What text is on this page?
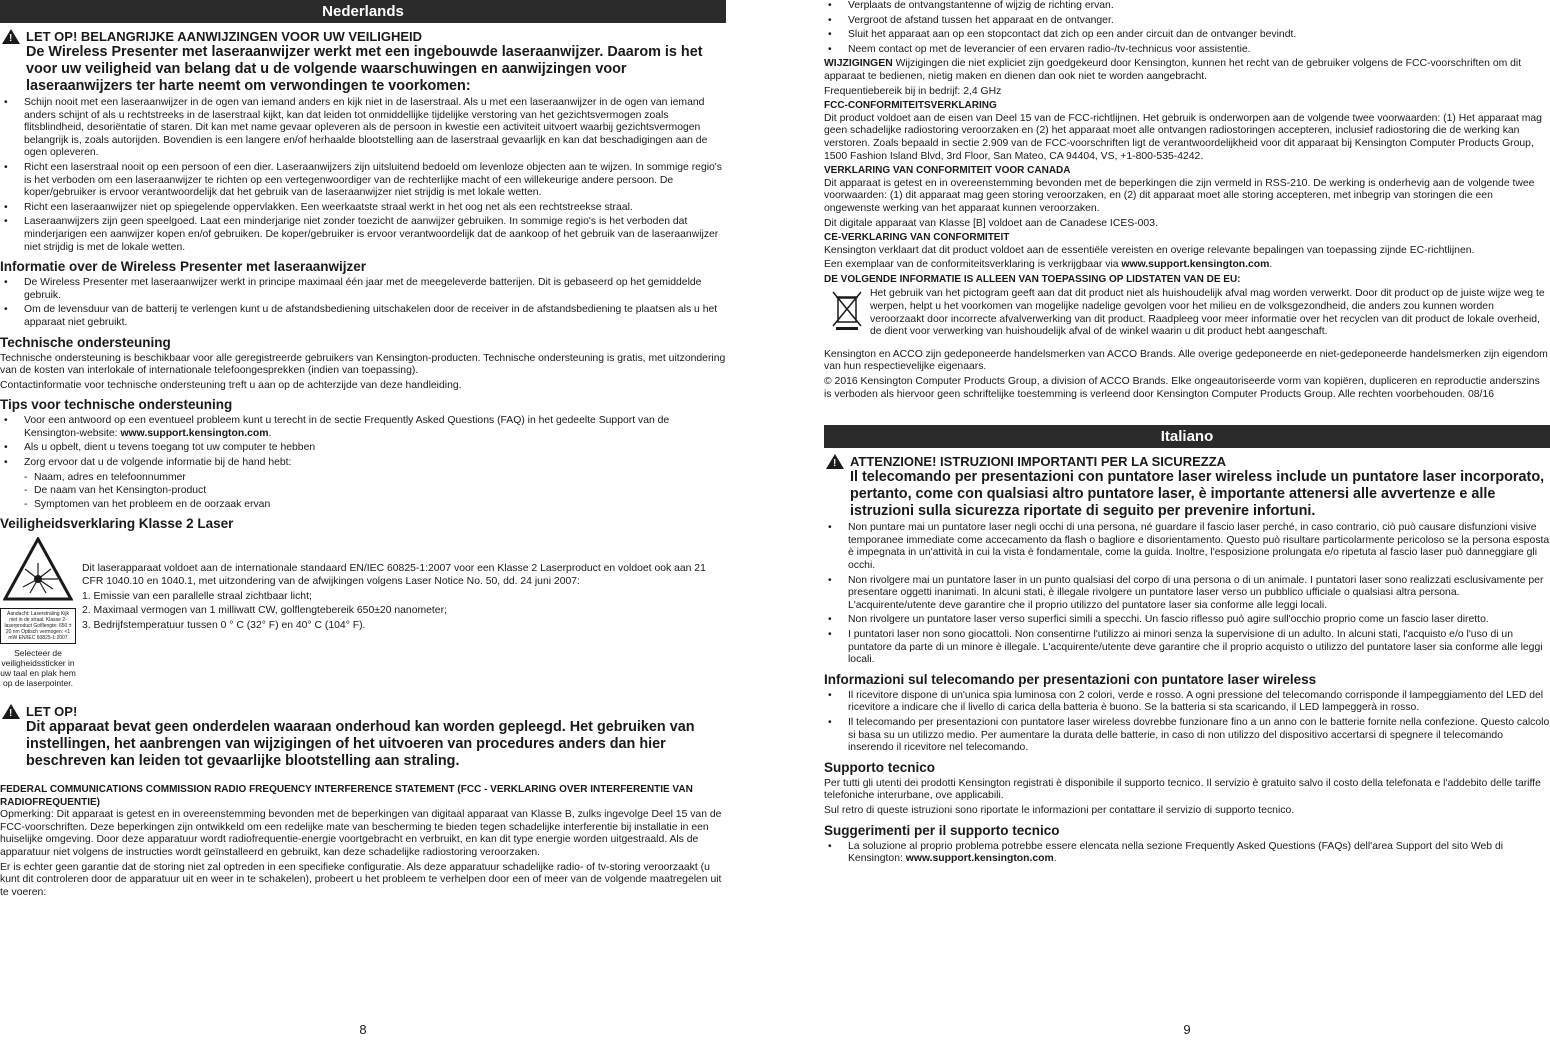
Nederlands
!
LET OP! BELANGRIJKE AANWIJZINGEN VOOR UW VEILIGHEID
De Wireless Presenter met laseraanwijzer werkt met een ingebouwde laseraanwijzer. Daarom is het voor uw veiligheid van belang dat u de volgende waarschuwingen en aanwijzingen voor laseraanwijzers ter harte neemt om verwondingen te voorkomen:
• Schijn nooit met een laseraanwijzer in de ogen van iemand anders en kijk niet in de laserstraal. Als u met een laseraanwijzer in de ogen van iemand anders schijnt of als u rechtstreeks in de laserstraal kijkt, kan dat leiden tot onmiddellijke tijdelijke verstoring van het gezichtsvermogen zoals flitsblindheid, desoriëntatie of staren. Dit kan met name gevaar opleveren als de persoon in kwestie een activiteit uitvoert waarbij gezichtsvermogen belangrijk is, zoals autorijden. Bovendien is een langere en/of herhaalde blootstelling aan de laserstraal gevaarlijk en kan dat beschadigingen aan de ogen opleveren.
• Richt een laserstraal nooit op een persoon of een dier. Laseraanwijzers zijn uitsluitend bedoeld om levenloze objecten aan te wijzen. In sommige regio's is het verboden om een laseraanwijzer te richten op een vertegenwoordiger van de rechterlijke macht of een willekeurige andere persoon. De koper/gebruiker is ervoor verantwoordelijk dat het gebruik van de laseraanwijzer niet strijdig is met lokale wetten.
• Richt een laseraanwijzer niet op spiegelende oppervlakken. Een weerkaatste straal werkt in het oog net als een rechtstreekse straal.
• Laseraanwijzers zijn geen speelgoed. Laat een minderjarige niet zonder toezicht de aanwijzer gebruiken. In sommige regio's is het verboden dat minderjarigen een aanwijzer kopen en/of gebruiken. De koper/gebruiker is ervoor verantwoordelijk dat de aankoop of het gebruik van de laseraanwijzer niet strijdig is met de lokale wetten.
Informatie over de Wireless Presenter met laseraanwijzer
• De Wireless Presenter met laseraanwijzer werkt in principe maximaal één jaar met de meegeleverde batterijen. Dit is gebaseerd op het gemiddelde gebruik.
• Om de levensduur van de batterij te verlengen kunt u de afstandsbediening uitschakelen door de receiver in de afstandsbediening te plaatsen als u het apparaat niet gebruikt.
Technische ondersteuning

Technische ondersteuning is beschikbaar voor alle geregistreerde gebruikers van Kensington-producten. Technische ondersteuning is gratis, met uitzondering van de kosten van interlokale of internationale telefoongesprekken (indien van toepassing).

Contactinformatie voor technische ondersteuning treft u aan op de achterzijde van deze handleiding.

Tips voor technische ondersteuning
• Voor een antwoord op een eventueel probleem kunt u terecht in de sectie Frequently Asked Questions (FAQ) in het gedeelte Support van de Kensington-website: www.support.kensington.com.
• Als u opbelt, dient u tevens toegang tot uw computer te hebben
• Zorg ervoor dat u de volgende informatie bij de hand hebt:
- Naam, adres en telefoonnummer
- De naam van het Kensington-product
- Symptomen van het probleem en de oorzaak ervan
Veiligheidsverklaring Klasse 2 Laser
Aandacht: Laserstraling Kijk niet in de straal. Klasse 2-laserproduct Golflengte: 650 ± 20 nm Optisch vermogen: <1 mW EN/IEC 60825-1:2007
Selecteer de veiligheidssticker in uw taal en plak hem op de laserpointer.

Dit laserapparaat voldoet aan de internationale standaard EN/IEC 60825-1:2007 voor een Klasse 2 Laserproduct en voldoet ook aan 21 CFR 1040.10 en 1040.1, met uitzondering van de afwijkingen volgens Laser Notice No. 50, dd. 24 juni 2007:

1. Emissie van een parallelle straal zichtbaar licht;

2. Maximaal vermogen van 1 milliwatt CW, golflengtebereik 650±20 nanometer;

3. Bedrijfstemperatuur tussen 0 ° C (32° F) en 40° C (104° F).

!
LET OP!
Dit apparaat bevat geen onderdelen waaraan onderhoud kan worden gepleegd. Het gebruiken van instellingen, het aanbrengen van wijzigingen of het uitvoeren van procedures anders dan hier beschreven kan leiden tot gevaarlijke blootstelling aan straling.
FEDERAL COMMUNICATIONS COMMISSION RADIO FREQUENCY INTERFERENCE STATEMENT (FCC - VERKLARING OVER INTERFERENTIE VAN RADIOFREQUENTIE)

Opmerking: Dit apparaat is getest en in overeenstemming bevonden met de beperkingen van digitaal apparaat van Klasse B, zulks ingevolge Deel 15 van de FCC-voorschriften. Deze beperkingen zijn ontwikkeld om een redelijke mate van bescherming te bieden tegen schadelijke interferentie bij installatie in een huiselijke omgeving. Door deze apparatuur wordt radiofrequentie-energie voortgebracht en verbruikt, en kan dit type energie worden uitgestraald. Als de apparatuur niet volgens de instructies wordt geïnstalleerd en gebruikt, kan deze schadelijke radiostoring veroorzaken.

Er is echter geen garantie dat de storing niet zal optreden in een specifieke configuratie. Als deze apparatuur schadelijke radio- of tv-storing veroorzaakt (u kunt dit controleren door de apparatuur uit en weer in te schakelen), probeert u het probleem te verhelpen door een of meer van de volgende maatregelen uit te voeren:

8
• Verplaats de ontvangstantenne of wijzig de richting ervan.
• Vergroot de afstand tussen het apparaat en de ontvanger.
• Sluit het apparaat aan op een stopcontact dat zich op een ander circuit dan de ontvanger bevindt.
• Neem contact op met de leverancier of een ervaren radio-/tv-technicus voor assistentie.

WIJZIGINGEN Wijzigingen die niet expliciet zijn goedgekeurd door Kensington, kunnen het recht van de gebruiker volgens de FCC-voorschriften om dit apparaat te bedienen, nietig maken en dienen dan ook niet te worden aangebracht.

Frequentiebereik bij in bedrijf: 2,4 GHz

FCC-CONFORMITEITSVERKLARING

Dit product voldoet aan de eisen van Deel 15 van de FCC-richtlijnen. Het gebruik is onderworpen aan de volgende twee voorwaarden: (1) Het apparaat mag geen schadelijke radiostoring veroorzaken en (2) het apparaat moet alle ontvangen radiostoringen accepteren, inclusief radiostoring die de werking kan verstoren. Zoals bepaald in sectie 2.909 van de FCC-voorschriften ligt de verantwoordelijkheid voor dit apparaat bij Kensington Computer Products Group, 1500 Fashion Island Blvd, 3rd Floor, San Mateo, CA 94404, VS, +1-800-535-4242.

VERKLARING VAN CONFORMITEIT VOOR CANADA

Dit apparaat is getest en in overeenstemming bevonden met de beperkingen die zijn vermeld in RSS-210. De werking is onderhevig aan de volgende twee voorwaarden: (1) dit apparaat mag geen storing veroorzaken, en (2) dit apparaat moet alle storing accepteren, met inbegrip van storingen die een ongewenste werking van het apparaat kunnen veroorzaken.

Dit digitale apparaat van Klasse [B] voldoet aan de Canadese ICES-003.

CE-VERKLARING VAN CONFORMITEIT

Kensington verklaart dat dit product voldoet aan de essentiële vereisten en overige relevante bepalingen van toepassing zijnde EC-richtlijnen.

Een exemplaar van de conformiteitsverklaring is verkrijgbaar via www.support.kensington.com.

DE VOLGENDE INFORMATIE IS ALLEEN VAN TOEPASSING OP LIDSTATEN VAN DE EU:

Het gebruik van het pictogram geeft aan dat dit product niet als huishoudelijk afval mag worden verwerkt. Door dit product op de juiste wijze weg te werpen, helpt u het voorkomen van mogelijke nadelige gevolgen voor het milieu en de volksgezondheid, die anders zou kunnen worden veroorzaakt door incorrecte afvalverwerking van dit product. Raadpleeg voor meer informatie over het recyclen van dit product de lokale overheid, de dient voor verwerking van huishoudelijk afval of de winkel waarin u dit product hebt aangeschaft.

Kensington en ACCO zijn gedeponeerde handelsmerken van ACCO Brands. Alle overige gedeponeerde en niet-gedeponeerde handelsmerken zijn eigendom van hun respectievelijke eigenaars.

© 2016 Kensington Computer Products Group, a division of ACCO Brands. Elke ongeautoriseerde vorm van kopiëren, dupliceren en reproductie anderszins is verboden als hiervoor geen schriftelijke toestemming is verleend door Kensington Computer Products Group. Alle rechten voorbehouden. 08/16

Italiano
!
ATTENZIONE! ISTRUZIONI IMPORTANTI PER LA SICUREZZA
Il telecomando per presentazioni con puntatore laser wireless include un puntatore laser incorporato, pertanto, come con qualsiasi altro puntatore laser, è importante attenersi alle avvertenze e alle istruzioni sulla sicurezza riportate di seguito per prevenire infortuni.
• Non puntare mai un puntatore laser negli occhi di una persona, né guardare il fascio laser perché, in caso contrario, ciò può causare disfunzioni visive temporanee immediate come accecamento da flash o bagliore e disorientamento. Questo può risultare particolarmente pericoloso se la persona esposta è impegnata in un'attività in cui la vista è fondamentale, come la guida. Inoltre, l'esposizione prolungata e/o ripetuta al fascio laser può danneggiare gli occhi.
• Non rivolgere mai un puntatore laser in un punto qualsiasi del corpo di una persona o di un animale. I puntatori laser sono realizzati esclusivamente per presentare oggetti inanimati. In alcuni stati, è illegale rivolgere un puntatore laser verso un pubblico ufficiale o qualsiasi altra persona. L'acquirente/utente deve garantire che il proprio utilizzo del puntatore laser sia conforme alle leggi locali.
• Non rivolgere un puntatore laser verso superfici simili a specchi. Un fascio riflesso può agire sull'occhio proprio come un fascio laser diretto.
• I puntatori laser non sono giocattoli. Non consentirne l'utilizzo ai minori senza la supervisione di un adulto. In alcuni stati, l'acquisto e/o l'uso di un puntatore da parte di un minore è illegale. L'acquirente/utente deve garantire che il proprio acquisto o utilizzo del puntatore laser sia conforme alle leggi locali.
Informazioni sul telecomando per presentazioni con puntatore laser wireless
• Il ricevitore dispone di un'unica spia luminosa con 2 colori, verde e rosso. A ogni pressione del telecomando corrisponde il lampeggiamento del LED del ricevitore a indicare che il livello di carica della batteria è buono. Se la batteria si sta scaricando, il LED lampeggerà in rosso.
• Il telecomando per presentazioni con puntatore laser wireless dovrebbe funzionare fino a un anno con le batterie fornite nella confezione. Questo calcolo si basa su un utilizzo medio. Per aumentare la durata delle batterie, in caso di non utilizzo del dispositivo accertarsi di spegnere il telecomando inserendo il ricevitore nel telecomando.
Supporto tecnico

Per tutti gli utenti dei prodotti Kensington registrati è disponibile il supporto tecnico. Il servizio è gratuito salvo il costo della telefonata e l'addebito delle tariffe telefoniche interurbane, ove applicabili.

Sul retro di queste istruzioni sono riportate le informazioni per contattare il servizio di supporto tecnico.

Suggerimenti per il supporto tecnico
• La soluzione al proprio problema potrebbe essere elencata nella sezione Frequently Asked Questions (FAQs) dell'area Support del sito Web di Kensington: www.support.kensington.com.
9
